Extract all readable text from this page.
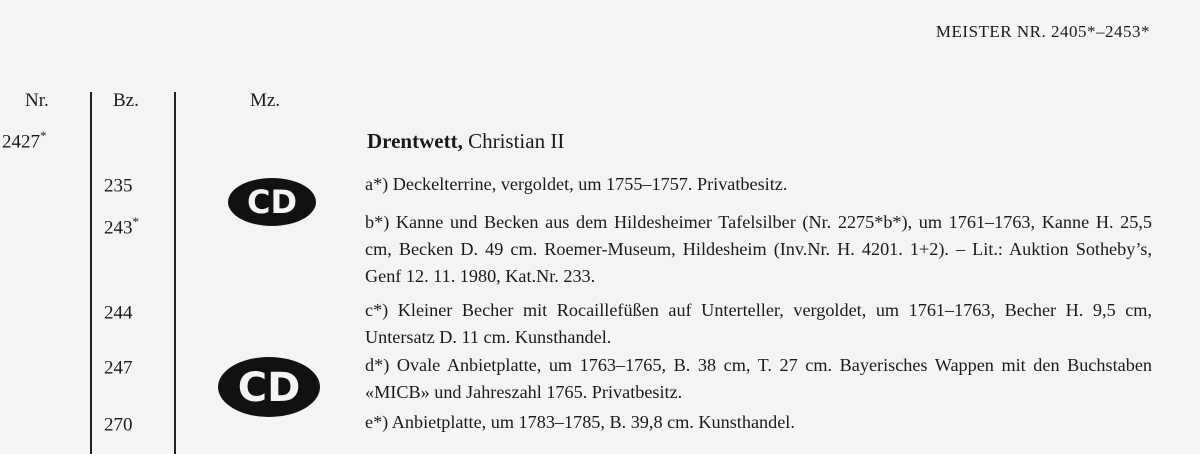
MEISTER NR. 2405*–2453*
Nr.	Bz.	Mz.
2427*
235
243*
244
247
270
CD
CD
Drentwett, Christian II
a*) Deckelterrine, vergoldet, um 1755–1757. Privatbesitz.
b*) Kanne und Becken aus dem Hildesheimer Tafelsilber (Nr. 2275*b*), um 1761–1763, Kanne H. 25,5 cm, Becken D. 49 cm. Roemer-Museum, Hildesheim (Inv.Nr. H. 4201. 1+2). – Lit.: Auktion Sotheby’s, Genf 12. 11. 1980, Kat.Nr. 233.
c*) Kleiner Becher mit Rocaillefüßen auf Unterteller, vergoldet, um 1761–1763, Becher H. 9,5 cm, Untersatz D. 11 cm. Kunsthandel.
d*) Ovale Anbietplatte, um 1763–1765, B. 38 cm, T. 27 cm. Bayerisches Wappen mit den Buchstaben «MICB» und Jahreszahl 1765. Privatbesitz.
e*) Anbietplatte, um 1783–1785, B. 39,8 cm. Kunsthandel.
